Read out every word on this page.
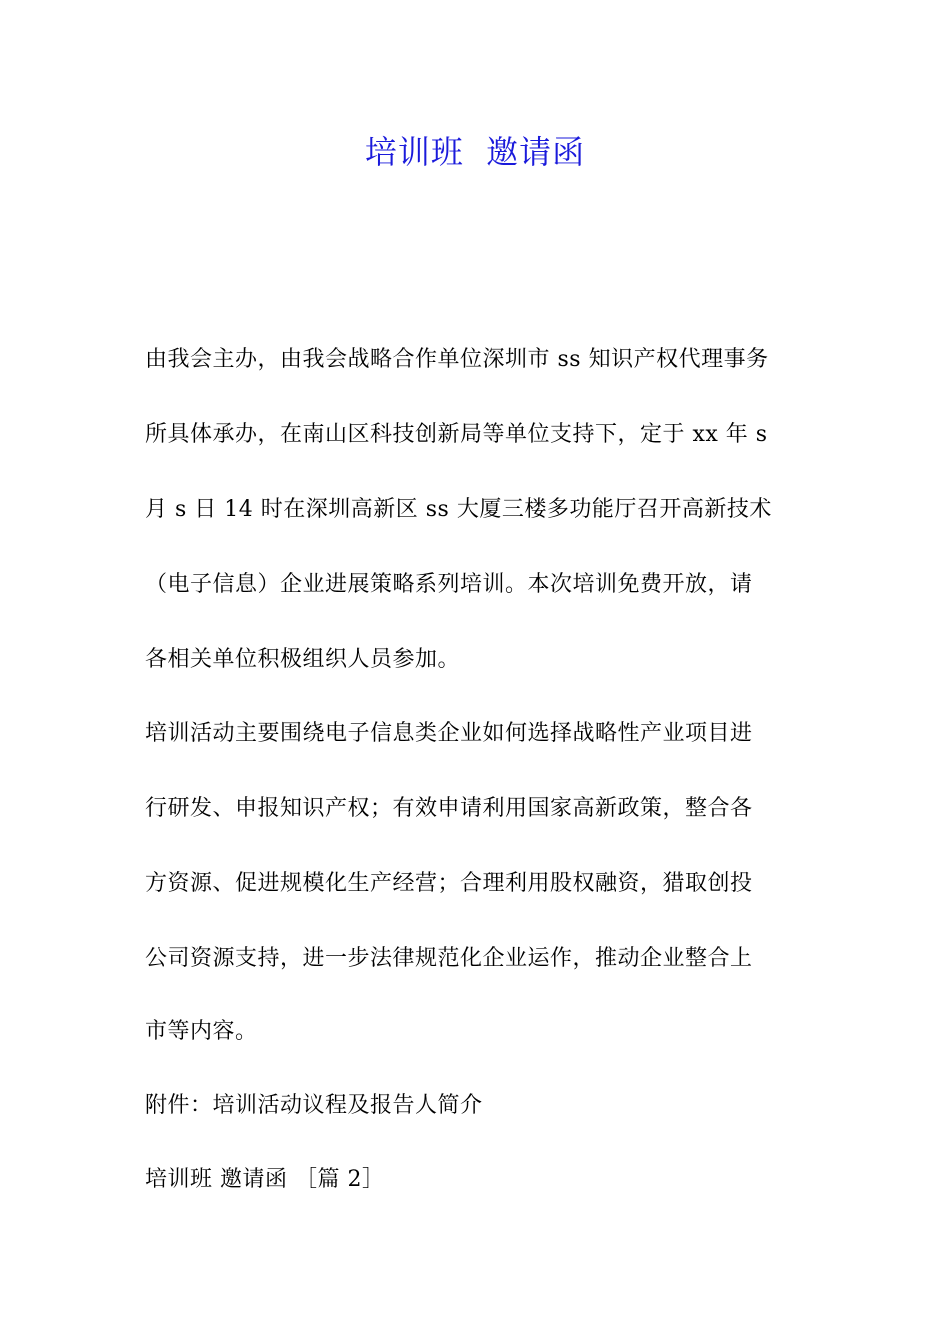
培训班  邀请函
由我会主办，由我会战略合作单位深圳市 ss 知识产权代理事务
所具体承办，在南山区科技创新局等单位支持下，定于 xx 年 s
月 s 日 14 时在深圳高新区 ss 大厦三楼多功能厅召开高新技术
（电子信息）企业进展策略系列培训。本次培训免费开放，请
各相关单位积极组织人员参加。
培训活动主要围绕电子信息类企业如何选择战略性产业项目进
行研发、申报知识产权；有效申请利用国家高新政策，整合各
方资源、促进规模化生产经营；合理利用股权融资，猎取创投
公司资源支持，进一步法律规范化企业运作，推动企业整合上
市等内容。
附件：培训活动议程及报告人简介
培训班 邀请函 ［篇 2］
